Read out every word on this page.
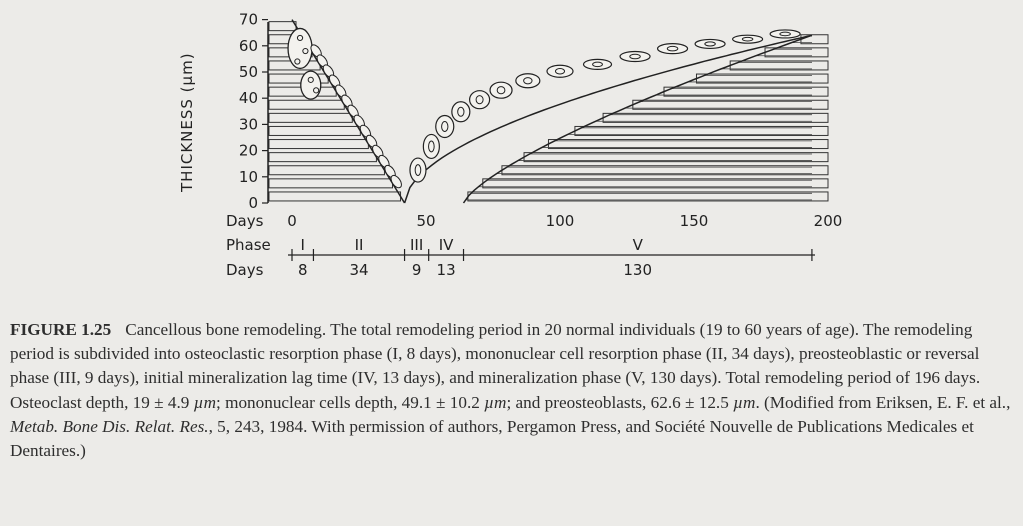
70
60
50
40
30
20
10
0
THICKNESS (µm)
Days 0	50	100	150	200
Phase I
8
II
34
III
9
IV
13
V
130
Days
FIGURE 1.25 Cancellous bone remodeling. The total remodeling period in 20 normal individuals (19 to 60 years of age). The remodeling period is subdivided into osteoclastic resorption phase (I, 8 days), mononuclear cell resorption phase (II, 34 days), preosteoblastic or reversal phase (III, 9 days), initial mineralization lag time (IV, 13 days), and mineralization phase (V, 130 days). Total remodeling period of 196 days. Osteoclast depth, 19 ± 4.9 µm; mononuclear cells depth, 49.1 ± 10.2 µm; and preosteoblasts, 62.6 ± 12.5 µm. (Modified from Eriksen, E. F. et al., Metab. Bone Dis. Relat. Res., 5, 243, 1984. With permission of authors, Pergamon Press, and Société Nouvelle de Publications Medicales et Dentaires.)
